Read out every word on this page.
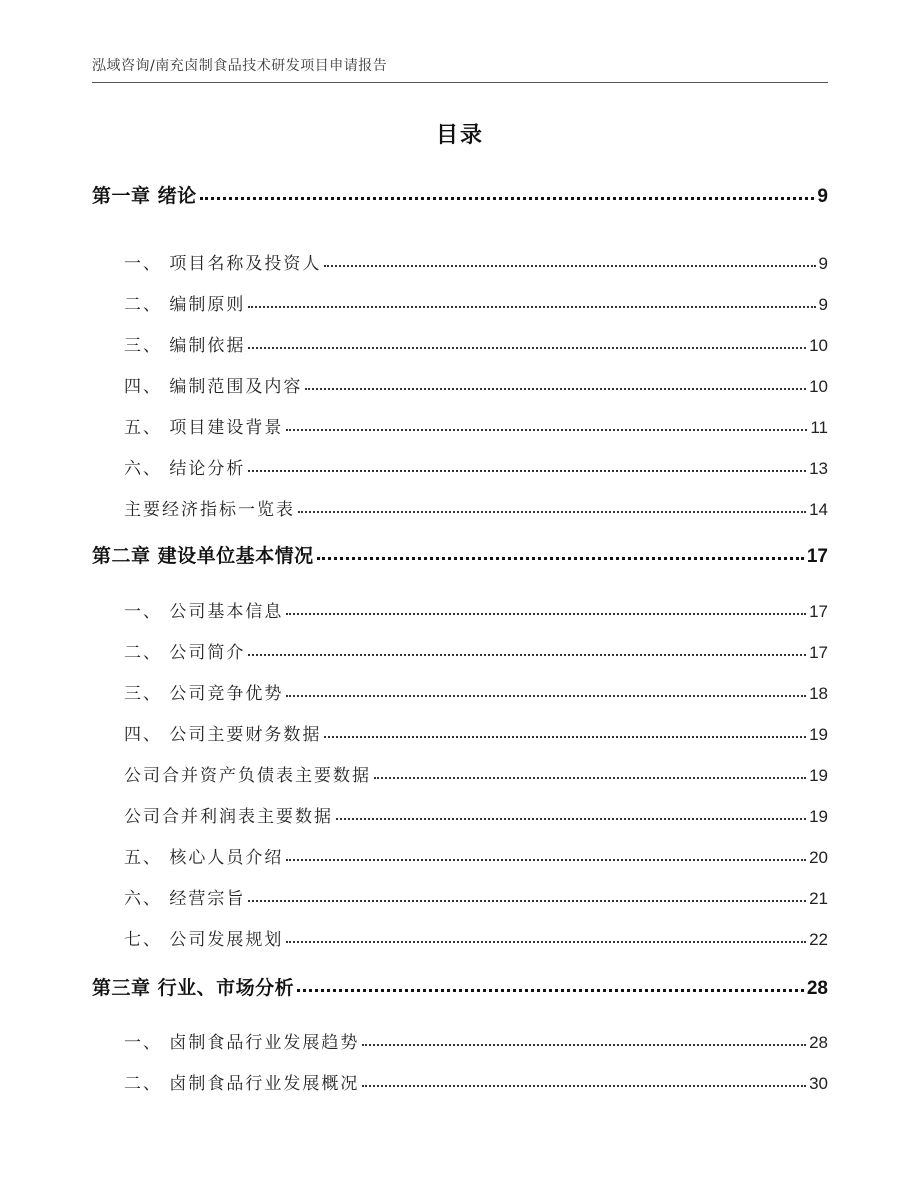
泓域咨询/南充卤制食品技术研发项目申请报告
目录
第一章 绪论	9
一、 项目名称及投资人	9
二、 编制原则	9
三、 编制依据	10
四、 编制范围及内容	10
五、 项目建设背景	11
六、 结论分析	13
主要经济指标一览表	14
第二章 建设单位基本情况	17
一、 公司基本信息	17
二、 公司简介	17
三、 公司竞争优势	18
四、 公司主要财务数据	19
公司合并资产负债表主要数据	19
公司合并利润表主要数据	19
五、 核心人员介绍	20
六、 经营宗旨	21
七、 公司发展规划	22
第三章 行业、市场分析	28
一、 卤制食品行业发展趋势	28
二、 卤制食品行业发展概况	30
